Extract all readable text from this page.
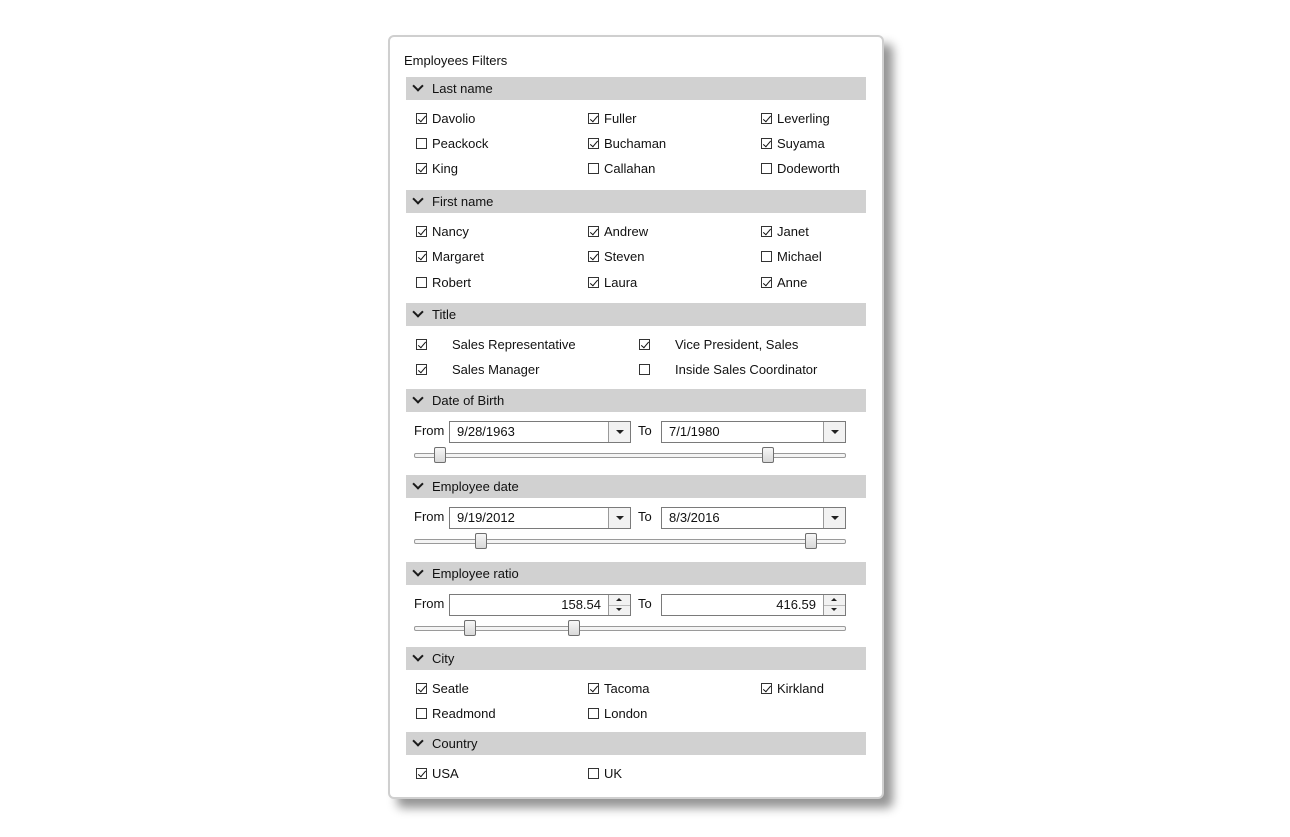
Employees Filters
Last name
Davolio	Fuller	Leverling
Peackock	Buchaman	Suyama
King	Callahan	Dodeworth
First name
Nancy	Andrew	Janet
Margaret	Steven	Michael
Robert	Laura	Anne
Title
Sales Representative	Vice President, Sales
Sales Manager	Inside Sales Coordinator
Date of Birth
From 9/28/1963	To	7/1/1980
Employee date
From 9/19/2012	To	8/3/2016
Employee ratio
From	158.54	To	416.59
City
Seatle	Tacoma	Kirkland
Readmond	London
Country
USA	UK
